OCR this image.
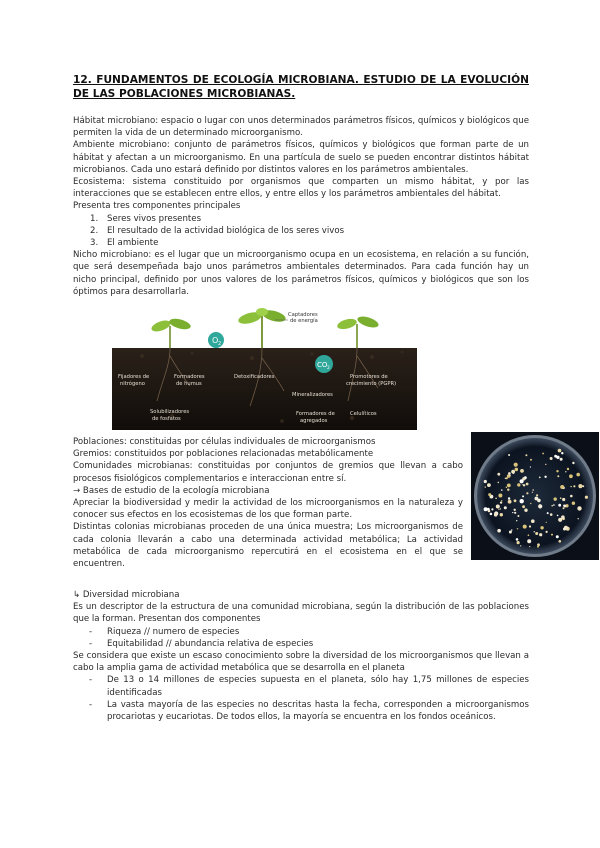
12. FUNDAMENTOS DE ECOLOGÍA MICROBIANA. ESTUDIO DE LA EVOLUCIÓN DE LAS POBLACIONES MICROBIANAS.

Hábitat microbiano: espacio o lugar con unos determinados parámetros físicos, químicos y biológicos que permiten la vida de un determinado microorganismo.

Ambiente microbiano: conjunto de parámetros físicos, químicos y biológicos que forman parte de un hábitat y afectan a un microorganismo. En una partícula de suelo se pueden encontrar distintos hábitat microbianos. Cada uno estará definido por distintos valores en los parámetros ambientales.

Ecosistema: sistema constituido por organismos que comparten un mismo hábitat, y por las interacciones que se establecen entre ellos, y entre ellos y los parámetros ambientales del hábitat.

Presenta tres componentes principales

1. Seres vivos presentes
2. El resultado de la actividad biológica de los seres vivos
3. El ambiente

Nicho microbiano: es el lugar que un microorganismo ocupa en un ecosistema, en relación a su función, que será desempeñada bajo unos parámetros ambientales determinados. Para cada función hay un nicho principal, definido por unos valores de los parámetros físicos, químicos y biológicos que son los óptimos para desarrollarla.

O 2
CO 2
Captadores
de energía
Fijadores de
nitrógeno
Formadores
de humus
Detoxificadores
Mineralizadores
Promotores de
crecimiento (PGPR)
Solubilizadores
de fosfatos
Formadores de
agregados
Celulíticos

Poblaciones: constituidas por células individuales de microorganismos

Gremios: constituidos por poblaciones relacionadas metabólicamente

Comunidades microbianas: constituidas por conjuntos de gremios que llevan a cabo procesos fisiológicos complementarios e interaccionan entre sí.

→ Bases de estudio de la ecología microbiana

Apreciar la biodiversidad y medir la actividad de los microorganismos en la naturaleza y conocer sus efectos en los ecosistemas de los que forman parte.

Distintas colonias microbianas proceden de una única muestra; Los microorganismos de cada colonia llevarán a cabo una determinada actividad metabólica; La actividad metabólica de cada microorganismo repercutirá en el ecosistema en el que se encuentren.

↳ Diversidad microbiana

Es un descriptor de la estructura de una comunidad microbiana, según la distribución de las poblaciones que la forman. Presentan dos componentes

- Riqueza // numero de especies
- Equitabilidad // abundancia relativa de especies

Se considera que existe un escaso conocimiento sobre la diversidad de los microorganismos que llevan a cabo la amplia gama de actividad metabólica que se desarrolla en el planeta

- De 13 o 14 millones de especies supuesta en el planeta, sólo hay 1,75 millones de especies identificadas
- La vasta mayoría de las especies no descritas hasta la fecha, corresponden a microorganismos procariotas y eucariotas. De todos ellos, la mayoría se encuentra en los fondos oceánicos.
